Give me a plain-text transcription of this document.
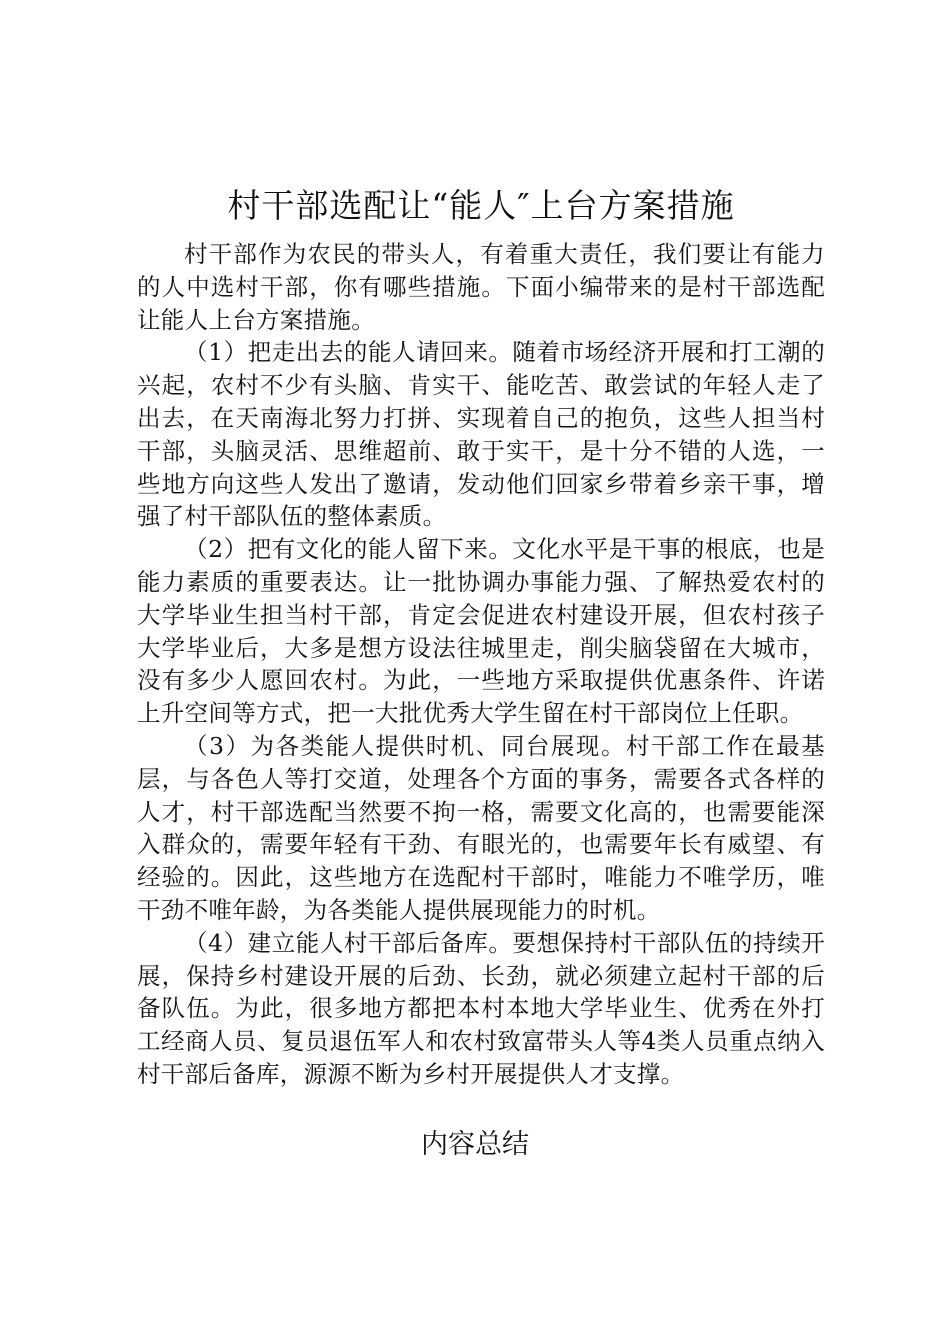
村干部选配让“能人″上台方案措施

村干部作为农民的带头人，有着重大责任，我们要让有能力的人中选村干部，你有哪些措施。下面小编带来的是村干部选配让能人上台方案措施。

（1）把走出去的能人请回来。随着市场经济开展和打工潮的兴起，农村不少有头脑、肯实干、能吃苦、敢尝试的年轻人走了出去，在天南海北努力打拼、实现着自己的抱负，这些人担当村干部，头脑灵活、思维超前、敢于实干，是十分不错的人选，一些地方向这些人发出了邀请，发动他们回家乡带着乡亲干事，增强了村干部队伍的整体素质。

（2）把有文化的能人留下来。文化水平是干事的根底，也是能力素质的重要表达。让一批协调办事能力强、了解热爱农村的大学毕业生担当村干部，肯定会促进农村建设开展，但农村孩子大学毕业后，大多是想方设法往城里走，削尖脑袋留在大城市，没有多少人愿回农村。为此，一些地方采取提供优惠条件、许诺上升空间等方式，把一大批优秀大学生留在村干部岗位上任职。

（3）为各类能人提供时机、同台展现。村干部工作在最基层，与各色人等打交道，处理各个方面的事务，需要各式各样的人才，村干部选配当然要不拘一格，需要文化高的，也需要能深入群众的，需要年轻有干劲、有眼光的，也需要年长有威望、有经验的。因此，这些地方在选配村干部时，唯能力不唯学历，唯干劲不唯年龄，为各类能人提供展现能力的时机。

（4）建立能人村干部后备库。要想保持村干部队伍的持续开展，保持乡村建设开展的后劲、长劲，就必须建立起村干部的后备队伍。为此，很多地方都把本村本地大学毕业生、优秀在外打工经商人员、复员退伍军人和农村致富带头人等4类人员重点纳入村干部后备库，源源不断为乡村开展提供人才支撑。

内容总结
